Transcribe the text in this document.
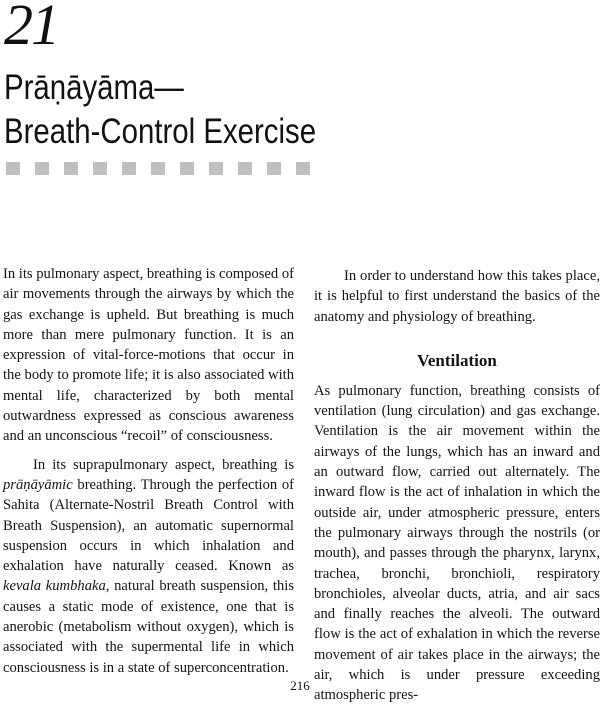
21
Prāṇāyāma—
Breath-Control Exercise

In its pulmonary aspect, breathing is composed of air movements through the airways by which the gas exchange is upheld. But breathing is much more than mere pulmonary function. It is an expression of vital-force-motions that occur in the body to promote life; it is also associated with mental life, characterized by both mental outwardness expressed as conscious awareness and an unconscious “recoil” of consciousness.

In its suprapulmonary aspect, breathing is prāṇāyāmic breathing. Through the perfection of Sahita (Alternate-Nostril Breath Control with Breath Suspension), an automatic supernormal suspension occurs in which inhalation and exhalation have naturally ceased. Known as kevala kumbhaka, natural breath suspension, this causes a static mode of existence, one that is anerobic (metabolism without oxygen), which is associated with the supermental life in which consciousness is in a state of superconcentration.

In order to understand how this takes place, it is helpful to first understand the basics of the anatomy and physiology of breathing.

Ventilation

As pulmonary function, breathing consists of ventilation (lung circulation) and gas exchange. Ventilation is the air movement within the airways of the lungs, which has an inward and an outward flow, carried out alternately. The inward flow is the act of inhalation in which the outside air, under atmospheric pressure, enters the pulmonary airways through the nostrils (or mouth), and passes through the pharynx, larynx, trachea, bronchi, bronchioli, respiratory bronchioles, alveolar ducts, atria, and air sacs and finally reaches the alveoli. The outward flow is the act of exhalation in which the reverse movement of air takes place in the airways; the air, which is under pressure exceeding atmospheric pres-

216
